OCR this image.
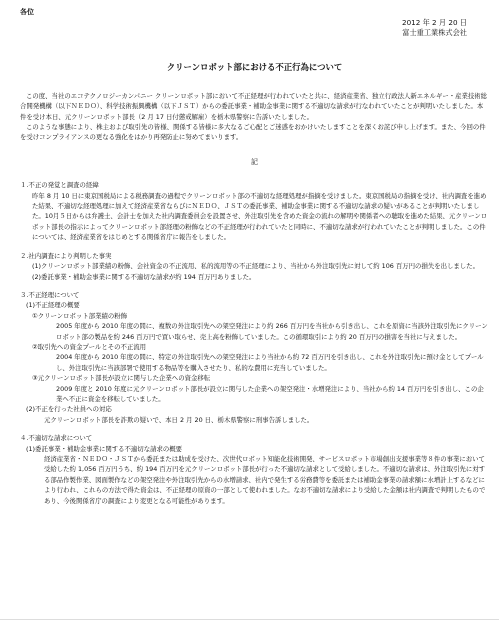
各位
2012 年 2 月 20 日
富士重工業株式会社
クリーンロボット部における不正行為について

この度、当社のエコテクノロジーカンパニー クリーンロボット部において不正経理が行われていたと共に、経済産業省、独立行政法人新エネルギー・産業技術総合開発機構（以下ＮＥＤＯ）、科学技術振興機構（以下ＪＳＴ）からの委託事業・補助金事業に関する不適切な請求が行なわれていたことが判明いたしました。本件を受け本日、元クリーンロボット部長（2 月 17 日付懲戒解雇）を栃木県警察に告訴いたしました。

このような事態により、株主および取引先の皆様、関係する皆様に多大なるご心配とご迷惑をおかけいたしますことを深くお詫び申し上げます。また、今回の件を受けコンプライアンスの更なる強化をはかり再発防止に努めてまいります。

記

１.不正の発覚と調査の経緯

昨年 8 月 10 日に東京国税局による税務調査の過程でクリーンロボット部の不適切な経理処理が指摘を受けました。東京国税局の指摘を受け、社内調査を進めた結果、不適切な経理処理に加えて経済産業省ならびにＮＥＤＯ、ＪＳＴの委託事業、補助金事業に関する不適切な請求の疑いがあることが判明いたしました。10月５日からは弁護士、会計士を加えた社内調査委員会を設置させ、外注取引先を含めた資金の流れの解明や関係者への聴取を進めた結果、元クリーンロボット部長の指示によってクリーンロボット部経理の粉飾などの不正経理が行われていたと同時に、不適切な請求が行われていたことが判明しました。この件については、経済産業省をはじめとする関係省庁に報告をしました。

２.社内調査により判明した事実

(1)クリーンロボット部業績の粉飾、会社資金の不正流用、私的流用等の不正経理により、当社から外注取引先に対して約 106 百万円の損失を出しました。

(2)委託事業・補助金事業に関する不適切な請求が約 194 百万円ありました。

３.不正経理について

(1)不正経理の概要

①クリーンロボット部業績の粉飾

2005 年度から 2010 年度の間に、複数の外注取引先への架空発注により約 266 百万円を当社から引き出し、これを原資に当該外注取引先にクリーンロボット部の製品を約 246 百万円で買い取らせ、売上高を粉飾していました。この循環取引により約 20 百万円の損害を当社に与えました。

②取引先への資金プールとその不正流用

2004 年度から 2010 年度の間に、特定の外注取引先への架空発注により当社から約 72 百万円を引き出し、これを外注取引先に預け金としてプールし、外注取引先に当該部署で使用する物品等を購入させたり、私的な費用に充当していました。

③元クリーンロボット部長が設立に関与した企業への資金移転

2009 年度と 2010 年度に元クリーンロボット部長が設立に関与した企業への架空発注・水増発注により、当社から約 14 百万円を引き出し、この企業へ不正に資金を移転していました。

(2)不正を行った社員への対応

元クリーンロボット部長を詐欺の疑いで、本日 2 月 20 日、栃木県警察に刑事告訴しました。

４.不適切な請求について

(1)委託事業・補助金事業に関する不適切な請求の概要

経済産業省・ＮＥＤＯ・ＪＳＴから委託または助成を受けた、次世代ロボット知能化技術開発、サービスロボット市場創出支援事業等８件の事業において受給した約 1,056 百万円うち、約 194 百万円を元クリーンロボット部長が行った不適切な請求として受給しました。不適切な請求は、外注取引先に対する部品作製作業、図面製作などの架空発注や外注取引先からの水増請求、社内で発生する労務費等を委託または補助金事業の請求額に水増計上するなどにより行われ、これらの方法で得た資金は、不正経理の原資の一部として使われました。なお不適切な請求により受給した金額は社内調査で判明したものであり、今後関係省庁の調査により変更となる可能性があります。
